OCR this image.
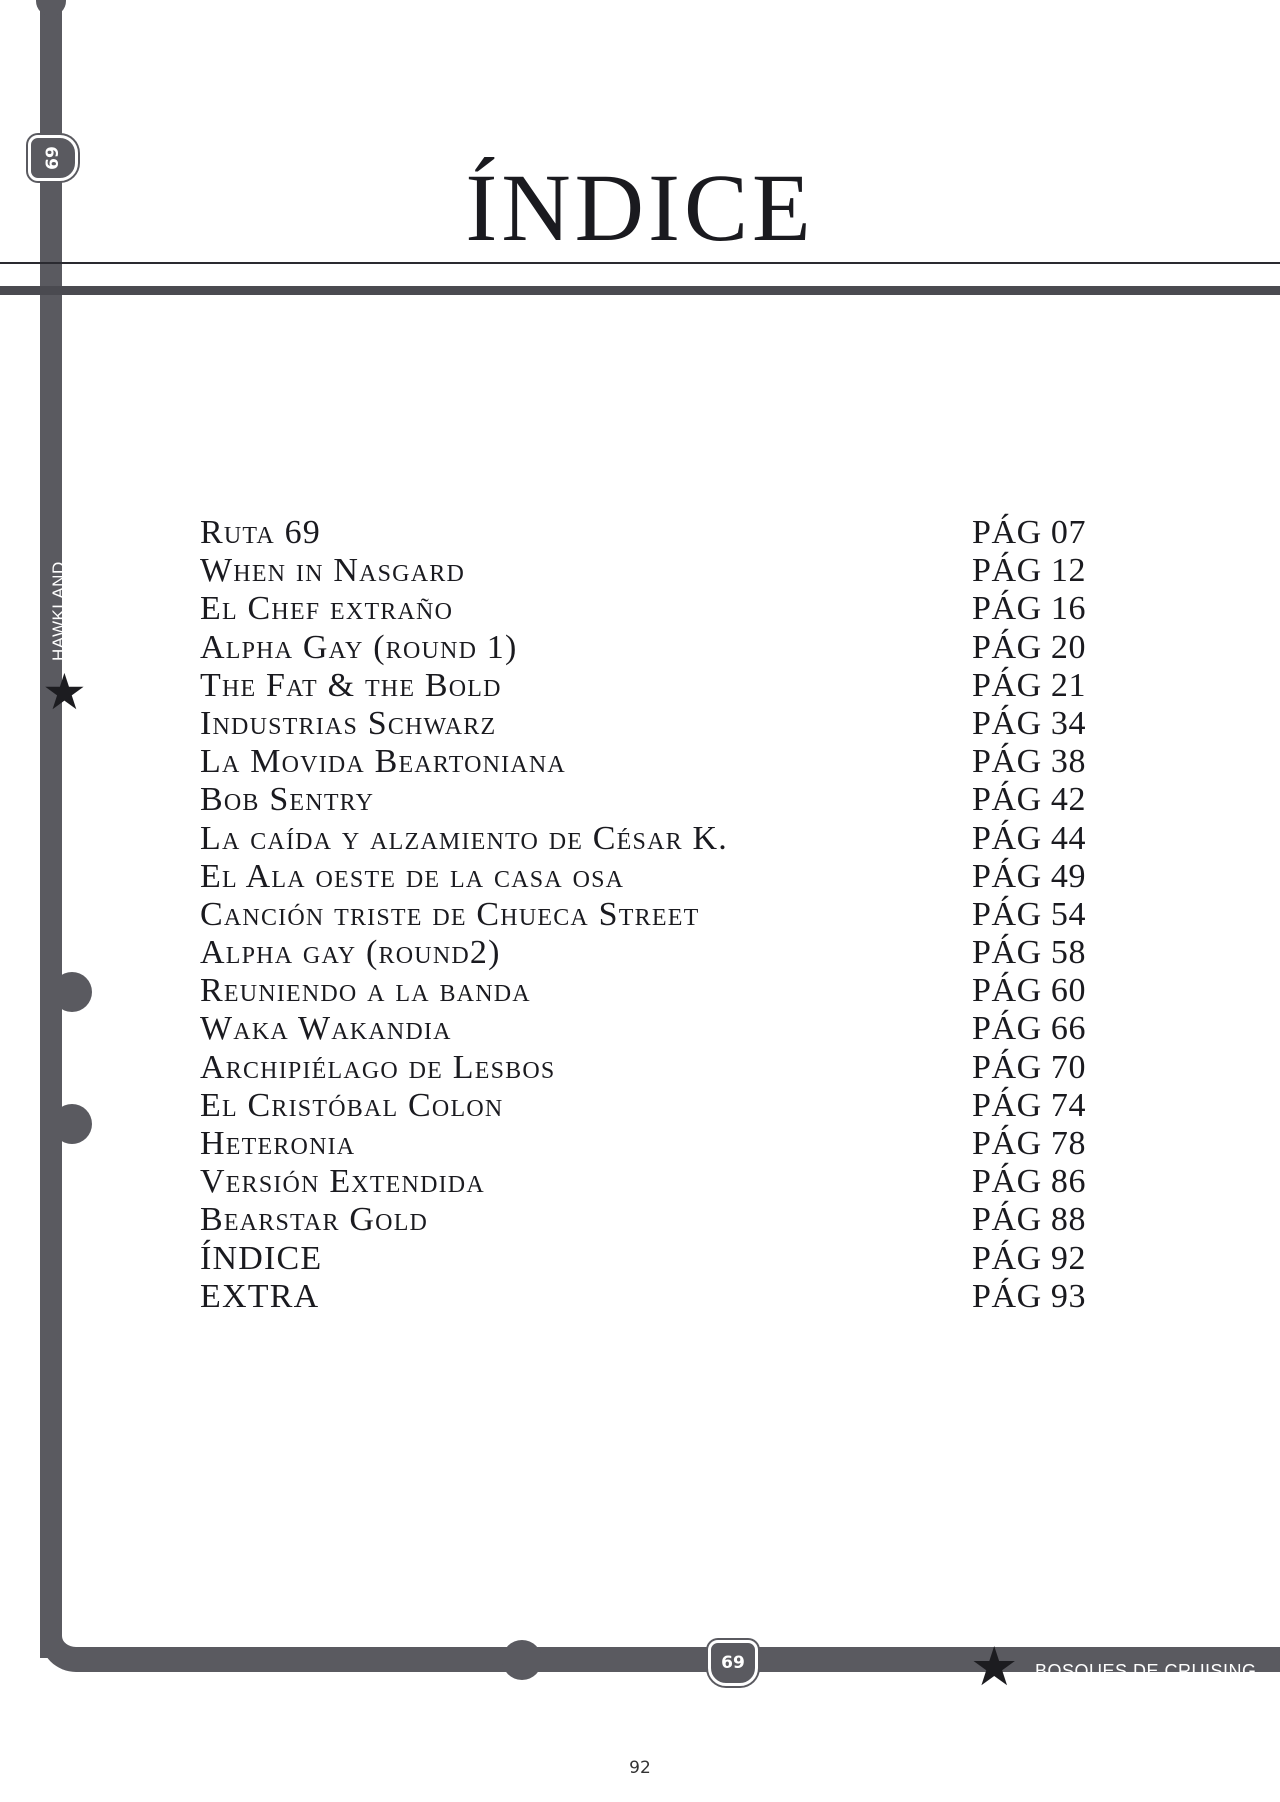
69
69
HAWKLAND
★
★ BOSQUES DE CRUISING
ÍNDICE
Ruta 69	PÁG 07
When in Nasgard	PÁG 12
El Chef extraño	PÁG 16
Alpha Gay (round 1)	PÁG 20
The Fat & the Bold	PÁG 21
Industrias Schwarz	PÁG 34
La Movida Beartoniana	PÁG 38
Bob Sentry	PÁG 42
La caída y alzamiento de César K.	PÁG 44
El Ala oeste de la casa osa	PÁG 49
Canción triste de Chueca Street	PÁG 54
Alpha gay (round2)	PÁG 58
Reuniendo a la banda	PÁG 60
Waka Wakandia	PÁG 66
Archipiélago de Lesbos	PÁG 70
El Cristóbal Colon	PÁG 74
Heteronia	PÁG 78
Versión Extendida	PÁG 86
Bearstar Gold	PÁG 88
ÍNDICE	PÁG 92
EXTRA	PÁG 93
92
